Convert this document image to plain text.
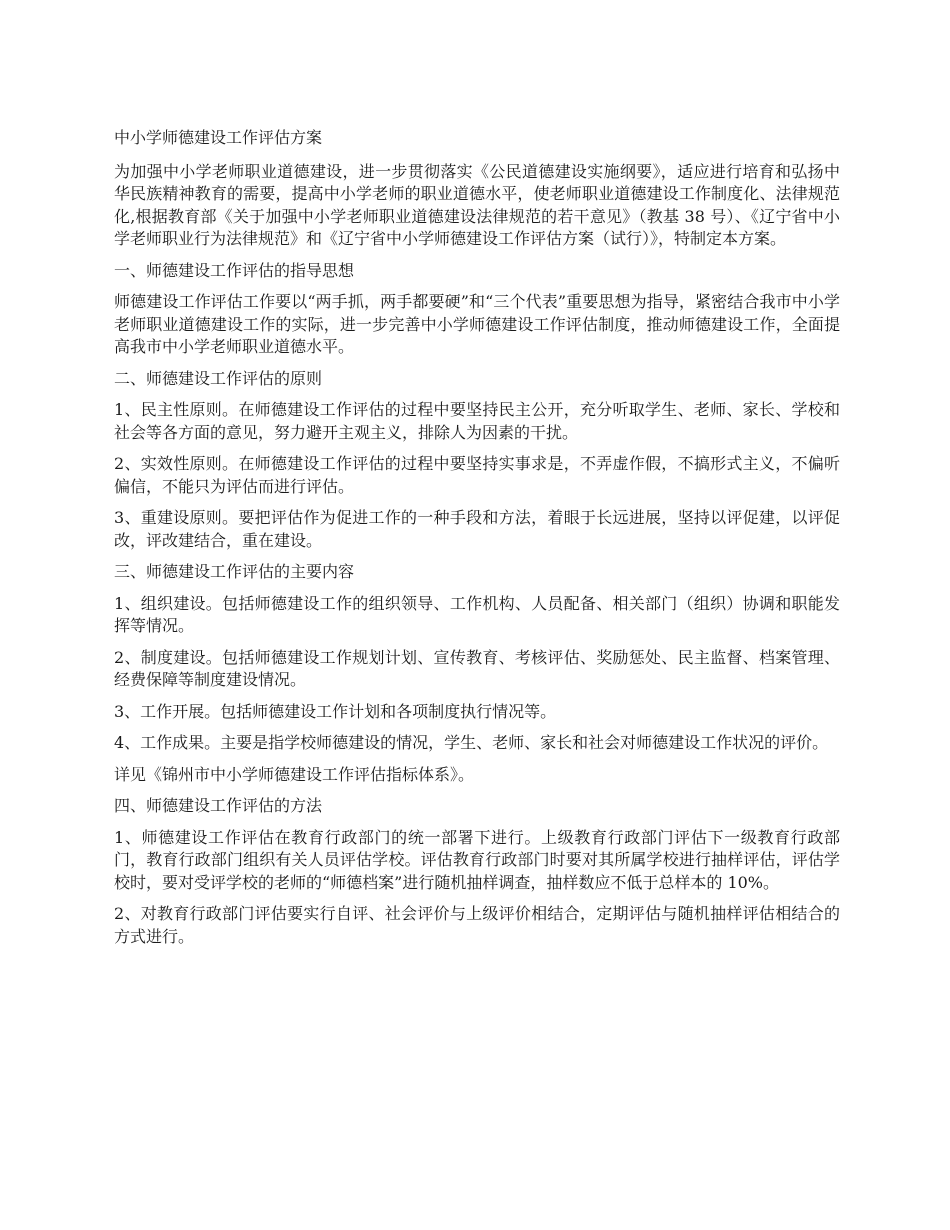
中小学师德建设工作评估方案

为加强中小学老师职业道德建设，进一步贯彻落实《公民道德建设实施纲要》，适应进行培育和弘扬中华民族精神教育的需要，提高中小学老师的职业道德水平，使老师职业道德建设工作制度化、法律规范化,根据教育部《关于加强中小学老师职业道德建设法律规范的若干意见》（教基 38 号）、《辽宁省中小学老师职业行为法律规范》和《辽宁省中小学师德建设工作评估方案（试行）》，特制定本方案。

一、师德建设工作评估的指导思想

师德建设工作评估工作要以“两手抓，两手都要硬”和“三个代表”重要思想为指导，紧密结合我市中小学老师职业道德建设工作的实际，进一步完善中小学师德建设工作评估制度，推动师德建设工作，全面提高我市中小学老师职业道德水平。

二、师德建设工作评估的原则

1、民主性原则。在师德建设工作评估的过程中要坚持民主公开，充分听取学生、老师、家长、学校和社会等各方面的意见，努力避开主观主义，排除人为因素的干扰。

2、实效性原则。在师德建设工作评估的过程中要坚持实事求是，不弄虚作假，不搞形式主义，不偏听偏信，不能只为评估而进行评估。

3、重建设原则。要把评估作为促进工作的一种手段和方法，着眼于长远进展，坚持以评促建，以评促改，评改建结合，重在建设。

三、师德建设工作评估的主要内容

1、组织建设。包括师德建设工作的组织领导、工作机构、人员配备、相关部门（组织）协调和职能发挥等情况。

2、制度建设。包括师德建设工作规划计划、宣传教育、考核评估、奖励惩处、民主监督、档案管理、经费保障等制度建设情况。

3、工作开展。包括师德建设工作计划和各项制度执行情况等。

4、工作成果。主要是指学校师德建设的情况，学生、老师、家长和社会对师德建设工作状况的评价。

详见《锦州市中小学师德建设工作评估指标体系》。

四、师德建设工作评估的方法

1、师德建设工作评估在教育行政部门的统一部署下进行。上级教育行政部门评估下一级教育行政部门，教育行政部门组织有关人员评估学校。评估教育行政部门时要对其所属学校进行抽样评估，评估学校时，要对受评学校的老师的“师德档案”进行随机抽样调查，抽样数应不低于总样本的 10%。

2、对教育行政部门评估要实行自评、社会评价与上级评价相结合，定期评估与随机抽样评估相结合的方式进行。
